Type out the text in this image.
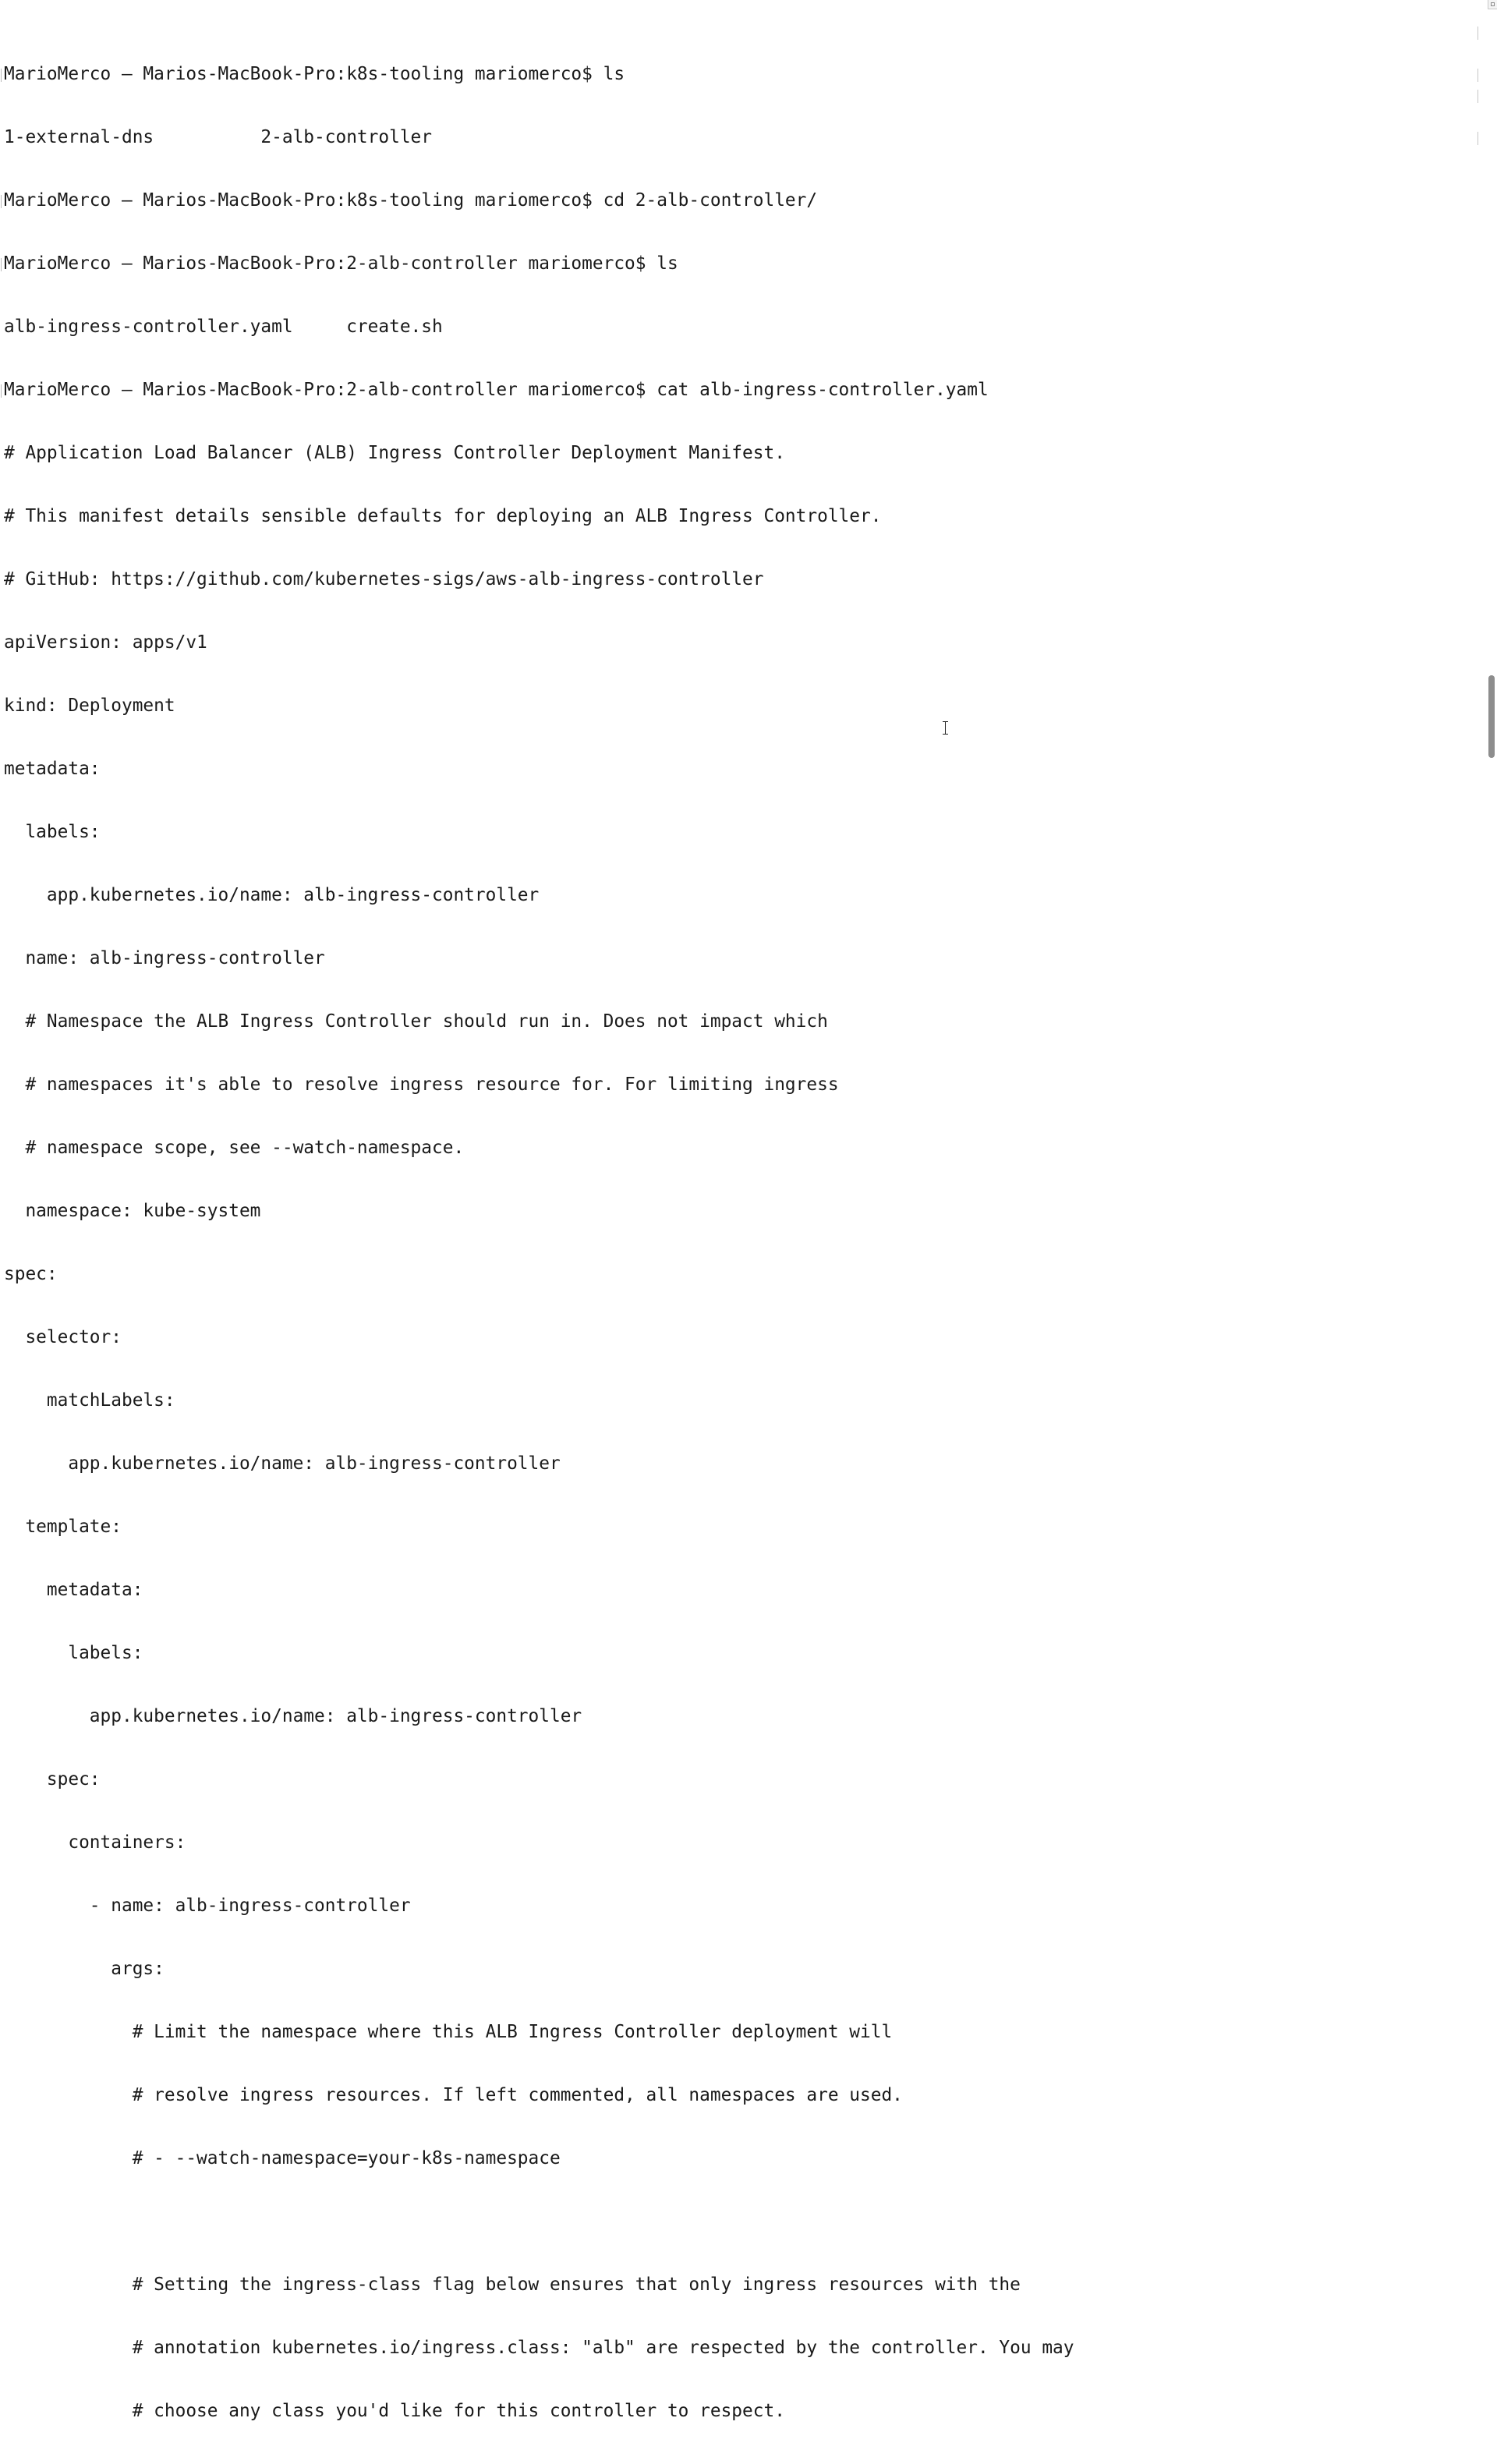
MarioMerco – Marios-MacBook-Pro:k8s-tooling mariomerco$ ls

1-external-dns          2-alb-controller

MarioMerco – Marios-MacBook-Pro:k8s-tooling mariomerco$ cd 2-alb-controller/

MarioMerco – Marios-MacBook-Pro:2-alb-controller mariomerco$ ls

alb-ingress-controller.yaml     create.sh

MarioMerco – Marios-MacBook-Pro:2-alb-controller mariomerco$ cat alb-ingress-controller.yaml

# Application Load Balancer (ALB) Ingress Controller Deployment Manifest.

# This manifest details sensible defaults for deploying an ALB Ingress Controller.

# GitHub: https://github.com/kubernetes-sigs/aws-alb-ingress-controller

apiVersion: apps/v1

kind: Deployment

metadata:

labels:

app.kubernetes.io/name: alb-ingress-controller

name: alb-ingress-controller

# Namespace the ALB Ingress Controller should run in. Does not impact which

# namespaces it's able to resolve ingress resource for. For limiting ingress

# namespace scope, see --watch-namespace.

namespace: kube-system

spec:

selector:

matchLabels:

app.kubernetes.io/name: alb-ingress-controller

template:

metadata:

labels:

app.kubernetes.io/name: alb-ingress-controller

spec:

containers:

- name: alb-ingress-controller

args:

# Limit the namespace where this ALB Ingress Controller deployment will

# resolve ingress resources. If left commented, all namespaces are used.

# - --watch-namespace=your-k8s-namespace

# Setting the ingress-class flag below ensures that only ingress resources with the

# annotation kubernetes.io/ingress.class: "alb" are respected by the controller. You may

# choose any class you'd like for this controller to respect.
